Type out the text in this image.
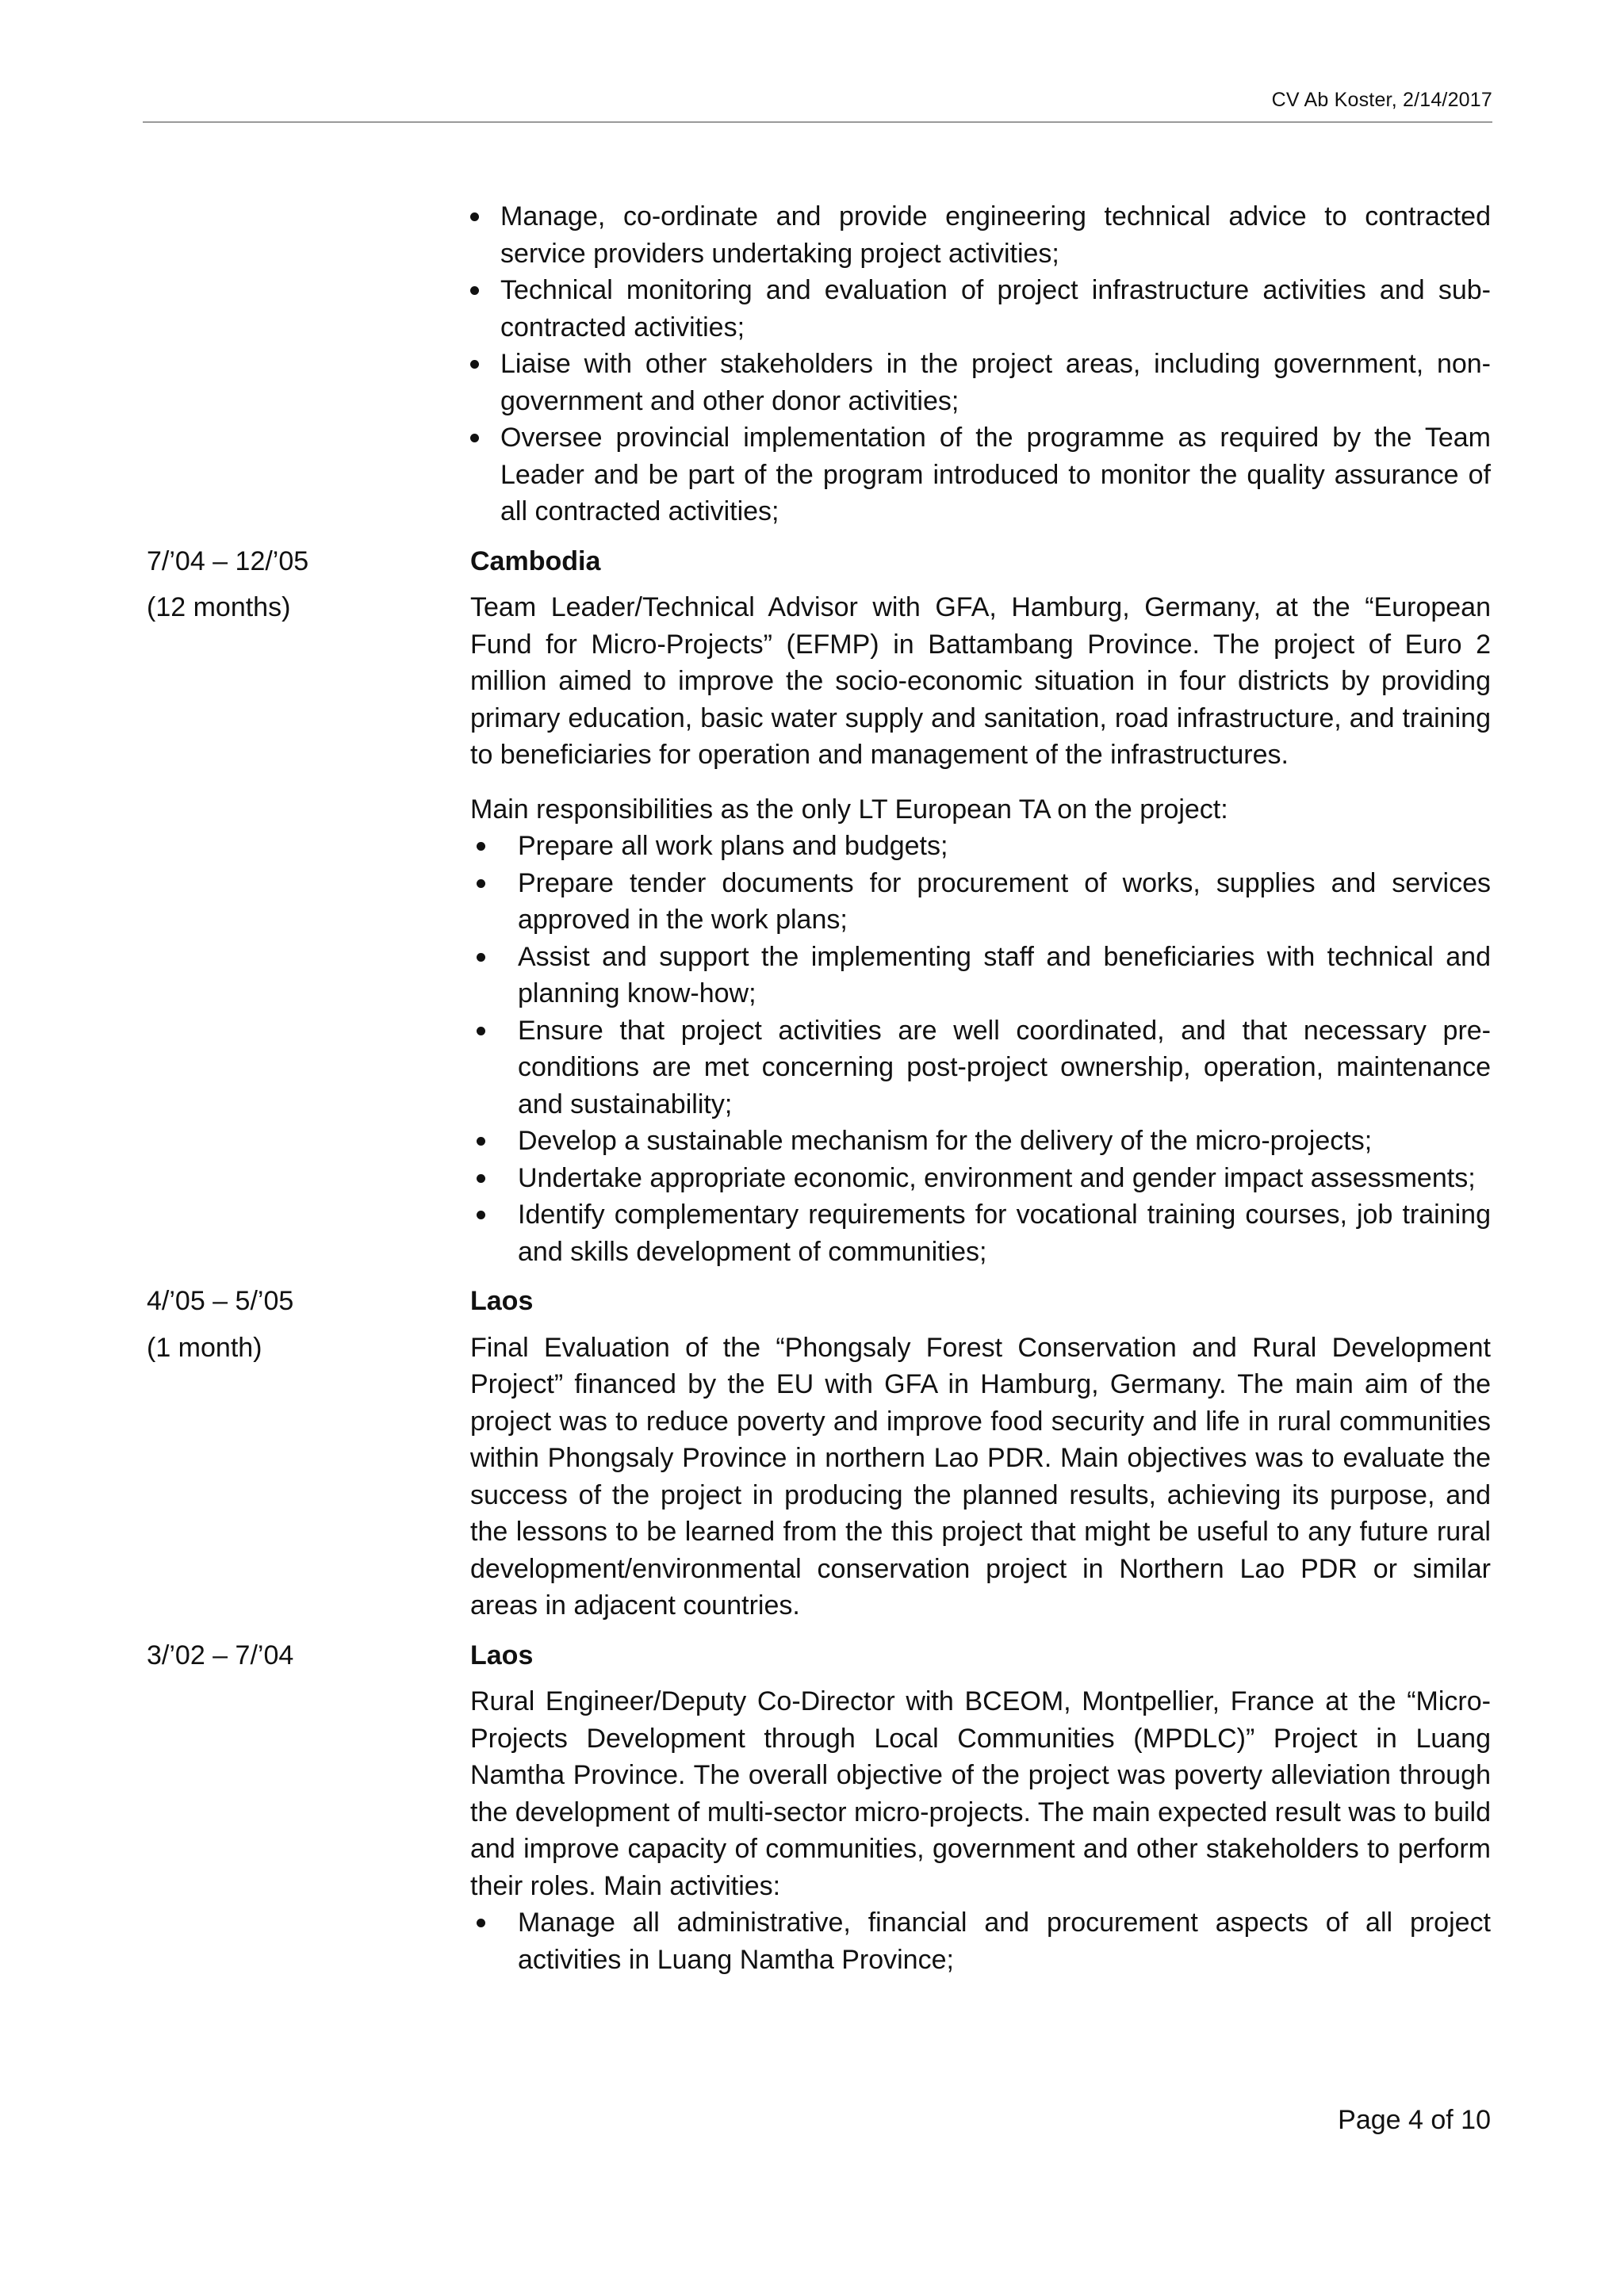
CV Ab Koster, 2/14/2017
Manage, co-ordinate and provide engineering technical advice to contracted service providers undertaking project activities;
Technical monitoring and evaluation of project infrastructure activities and sub-contracted activities;
Liaise with other stakeholders in the project areas, including government, non-government and other donor activities;
Oversee provincial implementation of the programme as required by the Team Leader and be part of the program introduced to monitor the quality assurance of all contracted activities;
7/’04 – 12/’05	Cambodia
(12 months)	Team Leader/Technical Advisor with GFA, Hamburg, Germany, at the “European Fund for Micro-Projects” (EFMP) in Battambang Province. The project of Euro 2 million aimed to improve the socio-economic situation in four districts by providing primary education, basic water supply and sanitation, road infrastructure, and training to beneficiaries for operation and management of the infrastructures.

Main responsibilities as the only LT European TA on the project:

Prepare all work plans and budgets;
Prepare tender documents for procurement of works, supplies and services approved in the work plans;
Assist and support the implementing staff and beneficiaries with technical and planning know-how;
Ensure that project activities are well coordinated, and that necessary pre-conditions are met concerning post-project ownership, operation, maintenance and sustainability;
Develop a sustainable mechanism for the delivery of the micro-projects;
Undertake appropriate economic, environment and gender impact assessments;
Identify complementary requirements for vocational training courses, job training and skills development of communities;
4/’05 – 5/’05	Laos
(1 month)	Final Evaluation of the “Phongsaly Forest Conservation and Rural Development Project” financed by the EU with GFA in Hamburg, Germany. The main aim of the project was to reduce poverty and improve food security and life in rural communities within Phongsaly Province in northern Lao PDR. Main objectives was to evaluate the success of the project in producing the planned results, achieving its purpose, and the lessons to be learned from the this project that might be useful to any future rural development/environmental conservation project in Northern Lao PDR or similar areas in adjacent countries.

3/’02 – 7/’04	Laos

Rural Engineer/Deputy Co-Director with BCEOM, Montpellier, France at the “Micro-Projects Development through Local Communities (MPDLC)” Project in Luang Namtha Province. The overall objective of the project was poverty alleviation through the development of multi-sector micro-projects. The main expected result was to build and improve capacity of communities, government and other stakeholders to perform their roles. Main activities:

Manage all administrative, financial and procurement aspects of all project activities in Luang Namtha Province;
Page 4 of 10
